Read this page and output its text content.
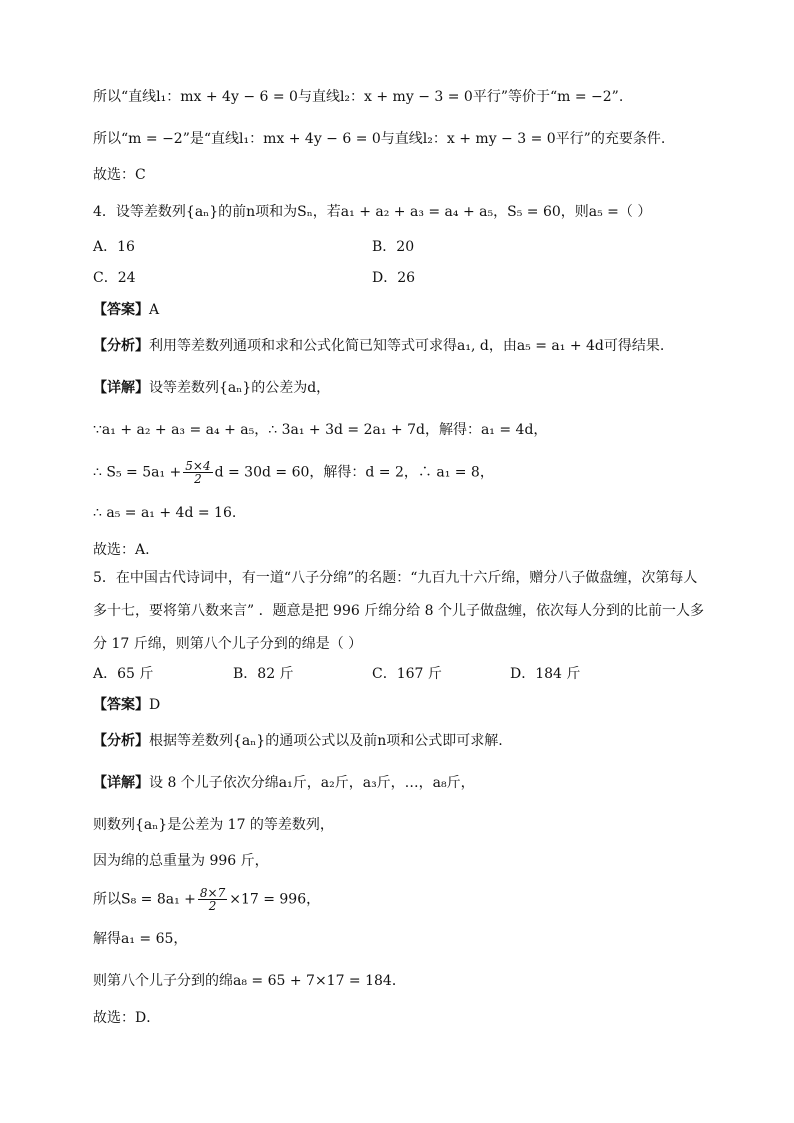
所以“直线l₁：mx + 4y − 6 = 0与直线l₂：x + my − 3 = 0平行”等价于“m = −2”.
所以“m = −2”是“直线l₁：mx + 4y − 6 = 0与直线l₂：x + my − 3 = 0平行”的充要条件.
故选：C
4．设等差数列{aₙ}的前n项和为Sₙ，若a₁ + a₂ + a₃ = a₄ + a₅，S₅ = 60，则a₅ =（ ）
A．16	B．20
C．24	D．26
【答案】A
【分析】利用等差数列通项和求和公式化简已知等式可求得a₁, d，由a₅ = a₁ + 4d可得结果.
【详解】设等差数列{aₙ}的公差为d，
∵a₁ + a₂ + a₃ = a₄ + a₅，∴ 3a₁ + 3d = 2a₁ + 7d，解得：a₁ = 4d，
∴ $S_5 = 5a_1 + \frac{5\times 4}{2}$ d = 30d = 60，解得：d = 2，∴ a₁ = 8，
∴ a₅ = a₁ + 4d = 16.
故选：A.
5．在中国古代诗词中，有一道“八子分绵”的名题：“九百九十六斤绵，赠分八子做盘缠，次第每人
多十七，要将第八数来言” ．题意是把 996 斤绵分给 8 个儿子做盘缠，依次每人分到的比前一人多
分 17 斤绵，则第八个儿子分到的绵是（ ）
A．65 斤	B．82 斤	C．167 斤	D．184 斤
【答案】D
【分析】根据等差数列{aₙ}的通项公式以及前n项和公式即可求解.
【详解】设 8 个儿子依次分绵a₁斤，a₂斤，a₃斤，…，a₈斤，
则数列{aₙ}是公差为 17 的等差数列，
因为绵的总重量为 996 斤，
所以$S_8 = 8a_1 + \frac{8\times 7}{2} \times 17 = 996$，
解得a₁ = 65，
则第八个儿子分到的绵a₈ = 65 + 7×17 = 184．
故选：D．
